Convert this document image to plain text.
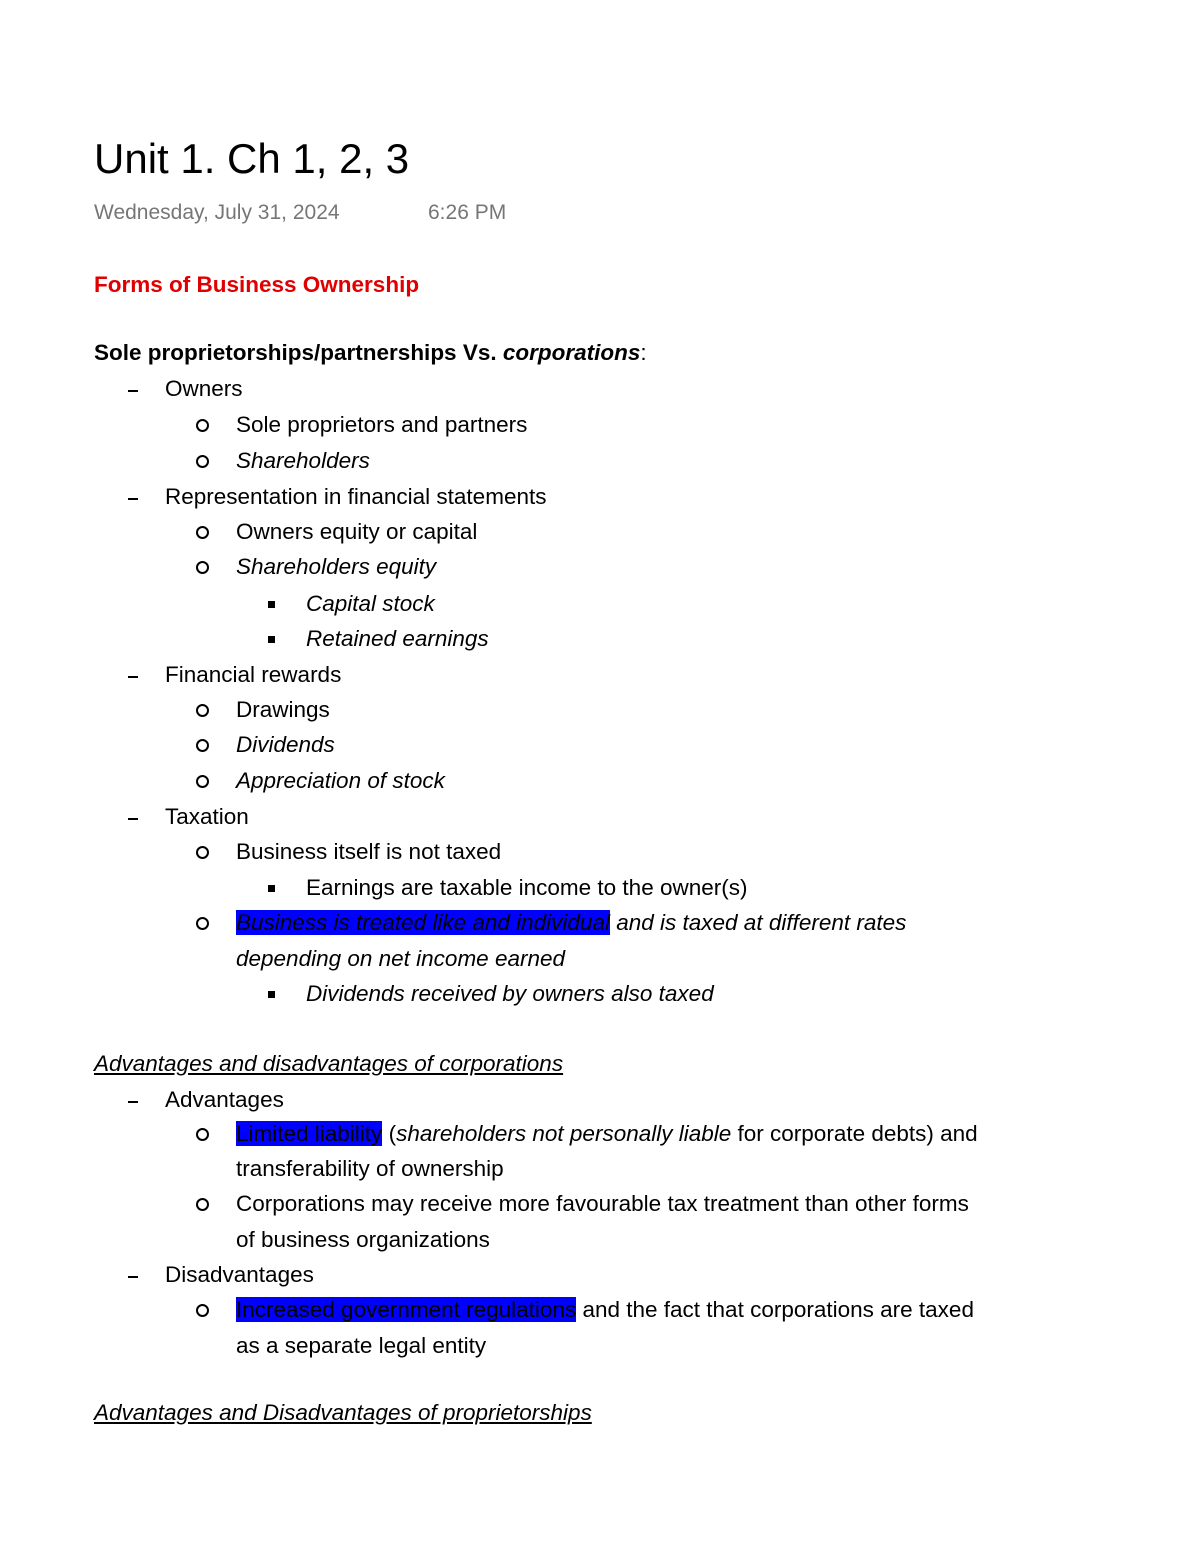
Unit 1. Ch 1, 2, 3
Wednesday, July 31, 2024	6:26 PM
Forms of Business Ownership
Sole proprietorships/partnerships Vs. corporations:
Owners
Sole proprietors and partners
Shareholders
Representation in financial statements
Owners equity or capital
Shareholders equity
Capital stock
Retained earnings
Financial rewards
Drawings
Dividends
Appreciation of stock
Taxation
Business itself is not taxed
Earnings are taxable income to the owner(s)
Business is treated like and individual and is taxed at different rates
depending on net income earned
Dividends received by owners also taxed
Advantages and disadvantages of corporations
Advantages
Limited liability (shareholders not personally liable for corporate debts) and
transferability of ownership
Corporations may receive more favourable tax treatment than other forms
of business organizations
Disadvantages
Increased government regulations and the fact that corporations are taxed
as a separate legal entity
Advantages and Disadvantages of proprietorships
